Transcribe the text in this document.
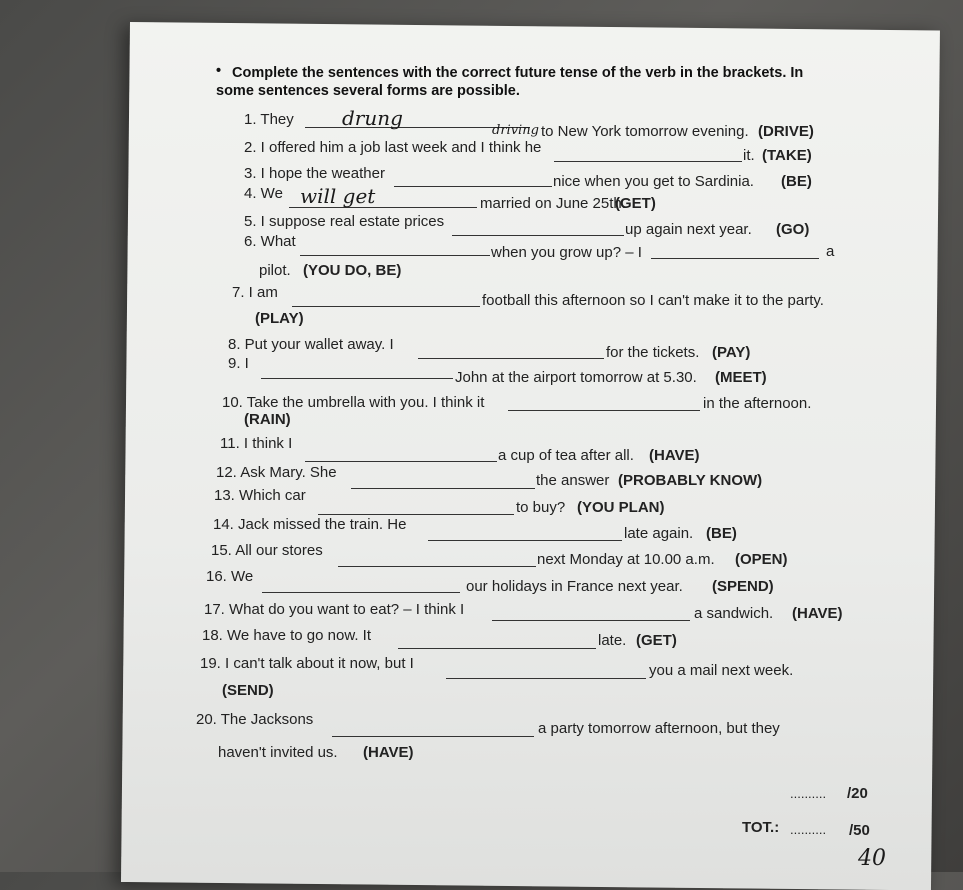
• Complete the sentences with the correct future tense of the verb in the brackets. In
some sentences several forms are possible.
1. They drung
driving to New York tomorrow evening. (DRIVE)
2. I offered him a job last week and I think he	it. (TAKE)
3. I hope the weather	nice when you get to Sardinia. (BE)
4. We will get	married on June 25th.
(GET)
5. I suppose real estate prices	up again next year. (GO)
6. What
when you grow up? – I	a
pilot. (YOU DO, BE)
7. I am	football this afternoon so I can't make it to the party.
(PLAY)
8. Put your wallet away. I	for the tickets. (PAY)
9. I
John at the airport tomorrow at 5.30. (MEET)
10. Take the umbrella with you. I think it	in the afternoon.
(RAIN)
11. I think I
a cup of tea after all. (HAVE)
12. Ask Mary. She	the answer (PROBABLY KNOW)
13. Which car
to buy? (YOU PLAN)
14. Jack missed the train. He
late again. (BE)
15. All our stores
next Monday at 10.00 a.m. (OPEN)
16. We
our holidays in France next year. (SPEND)
17. What do you want to eat? – I think I	a sandwich. (HAVE)
18. We have to go now. It	late. (GET)
19. I can't talk about it now, but I	you a mail next week.
(SEND)
20. The Jacksons
a party tomorrow afternoon, but they
haven't invited us. (HAVE)
.......... /20
TOT.: .......... /50
40
